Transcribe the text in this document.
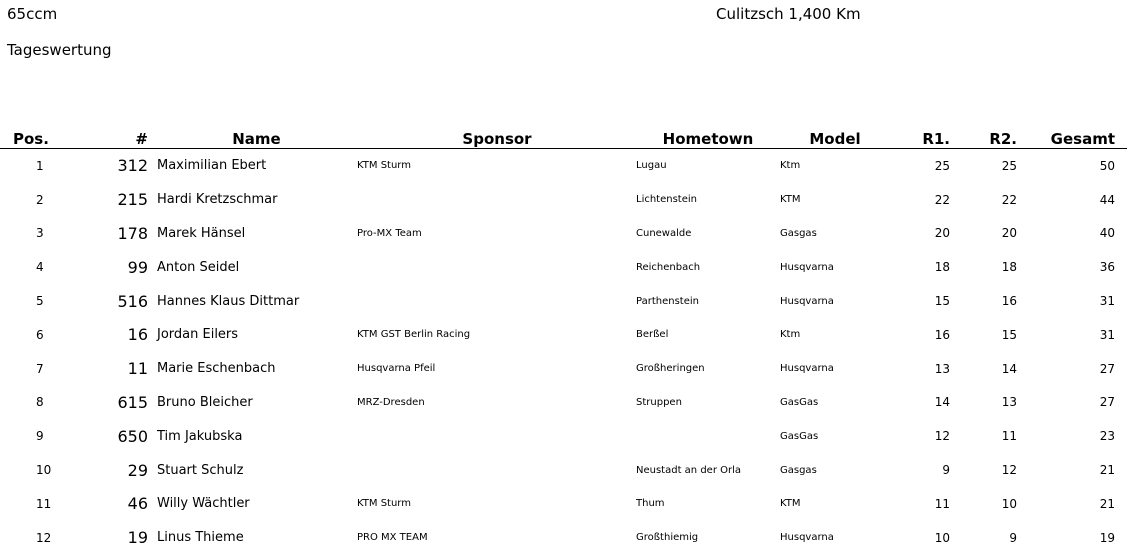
65ccm	Culitzsch 1,400 Km
Tageswertung
Pos.	#	Name	Sponsor	Hometown	Model	R1.	R2.	Gesamt
1	312	Maximilian Ebert	KTM Sturm	Lugau	Ktm	25	25	50
2	215	Hardi Kretzschmar		Lichtenstein	KTM	22	22	44
3	178	Marek Hänsel	Pro-MX Team	Cunewalde	Gasgas	20	20	40
4	99	Anton Seidel		Reichenbach	Husqvarna	18	18	36
5	516	Hannes Klaus Dittmar		Parthenstein	Husqvarna	15	16	31
6	16	Jordan Eilers	KTM GST Berlin Racing	Berßel	Ktm	16	15	31
7	11	Marie Eschenbach	Husqvarna Pfeil	Großheringen	Husqvarna	13	14	27
8	615	Bruno Bleicher	MRZ-Dresden	Struppen	GasGas	14	13	27
9	650	Tim Jakubska			GasGas	12	11	23
10	29	Stuart Schulz		Neustadt an der Orla	Gasgas	9	12	21
11	46	Willy Wächtler	KTM Sturm	Thum	KTM	11	10	21
12	19	Linus Thieme	PRO MX TEAM	Großthiemig	Husqvarna	10	9	19
